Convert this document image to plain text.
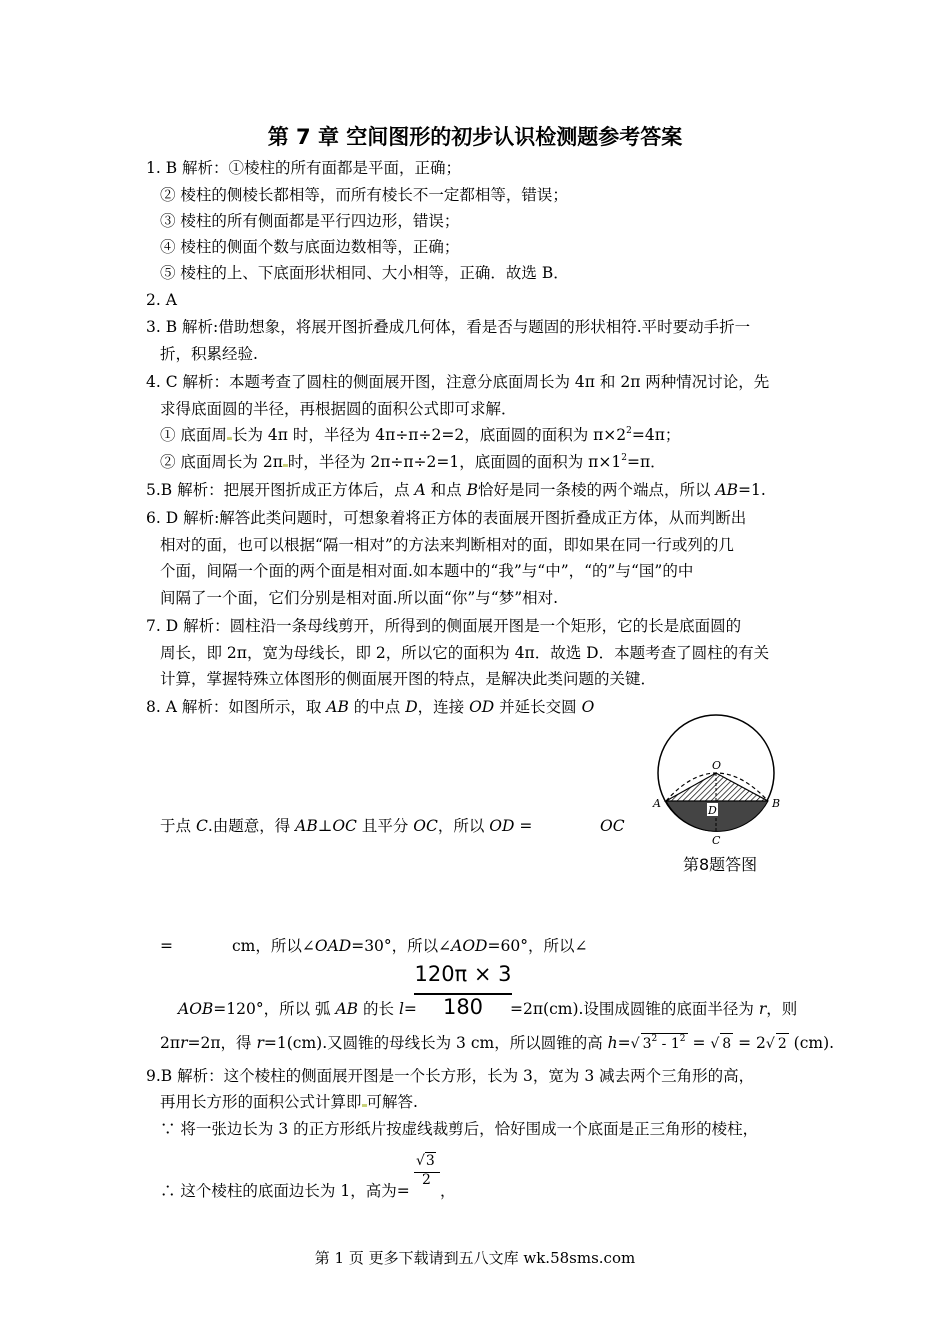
第 7 章 空间图形的初步认识检测题参考答案
1. B 解析：①棱柱的所有面都是平面，正确；
② 棱柱的侧棱长都相等，而所有棱长不一定都相等，错误；
③ 棱柱的所有侧面都是平行四边形，错误；
④ 棱柱的侧面个数与底面边数相等，正确；
⑤ 棱柱的上、下底面形状相同、大小相等，正确．故选 B．
2. A
3. B 解析:借助想象，将展开图折叠成几何体，看是否与题固的形状相符.平时要动手折一
折，积累经验.
4. C 解析：本题考查了圆柱的侧面展开图，注意分底面周长为 4π 和 2π 两种情况讨论，先
求得底面圆的半径，再根据圆的面积公式即可求解．
① 底面周 长为 4π 时，半径为 4π÷π÷2=2，底面圆的面积为 $\pi\times 2^2=4\pi$；
② 底面周长为 2π 时，半径为 2π÷π÷2=1，底面圆的面积为 $\pi\times 1^2=\pi$．
5.B 解析：把展开图折成正方体后，点 A 和点 B恰好是同一条棱的两个端点，所以 AB=1.
6. D 解析:解答此类问题时，可想象着将正方体的表面展开图折叠成正方体，从而判断出
相对的面，也可以根据“隔一相对”的方法来判断相对的面，即如果在同一行或列的几
个面，间隔一个面的两个面是相对面.如本题中的“我”与“中”，“的”与“国”的中
间隔了一个面，它们分别是相对面.所以面“你”与“梦”相对.
7. D 解析：圆柱沿一条母线剪开，所得到的侧面展开图是一个矩形，它的长是底面圆的
周长，即 2π，宽为母线长，即 2，所以它的面积为 4π．故选 D．本题考查了圆柱的有关
计算，掌握特殊立体图形的侧面展开图的特点，是解决此类问题的关键．
8. A 解析：如图所示，取 AB 的中点 D，连接 OD 并延长交圆 O
O
A	B
D
C
第8题答图
于点 C.由题意，得 AB⊥OC 且平分 OC，所以 OD =	OC
=	cm，所以∠OAD=30°，所以∠AOD=60°，所以∠
120π × 3
180
AOB=120°，所以 弧 AB 的长 l=	=2π(cm).设围成圆锥的底面半径为 r，则
2πr=2π，得 r=1(cm).又圆锥的母线长为 3 cm，所以圆锥的高 h=√ $3^2 - 1^2$ = √ 8 = 2√ 2 (cm).
9.B 解析：这个棱柱的侧面展开图是一个长方形，长为 3，宽为 3 减去两个三角形的高，
再用长方形的面积公式计算即 可解答.
∵ 将一张边长为 3 的正方形纸片按虚线裁剪后，恰好围成一个底面是正三角形的棱柱，
√3
2
∴ 这个棱柱的底面边长为 1，高为= ，
第 1 页 更多下载请到五八文库 wk.58sms.com
